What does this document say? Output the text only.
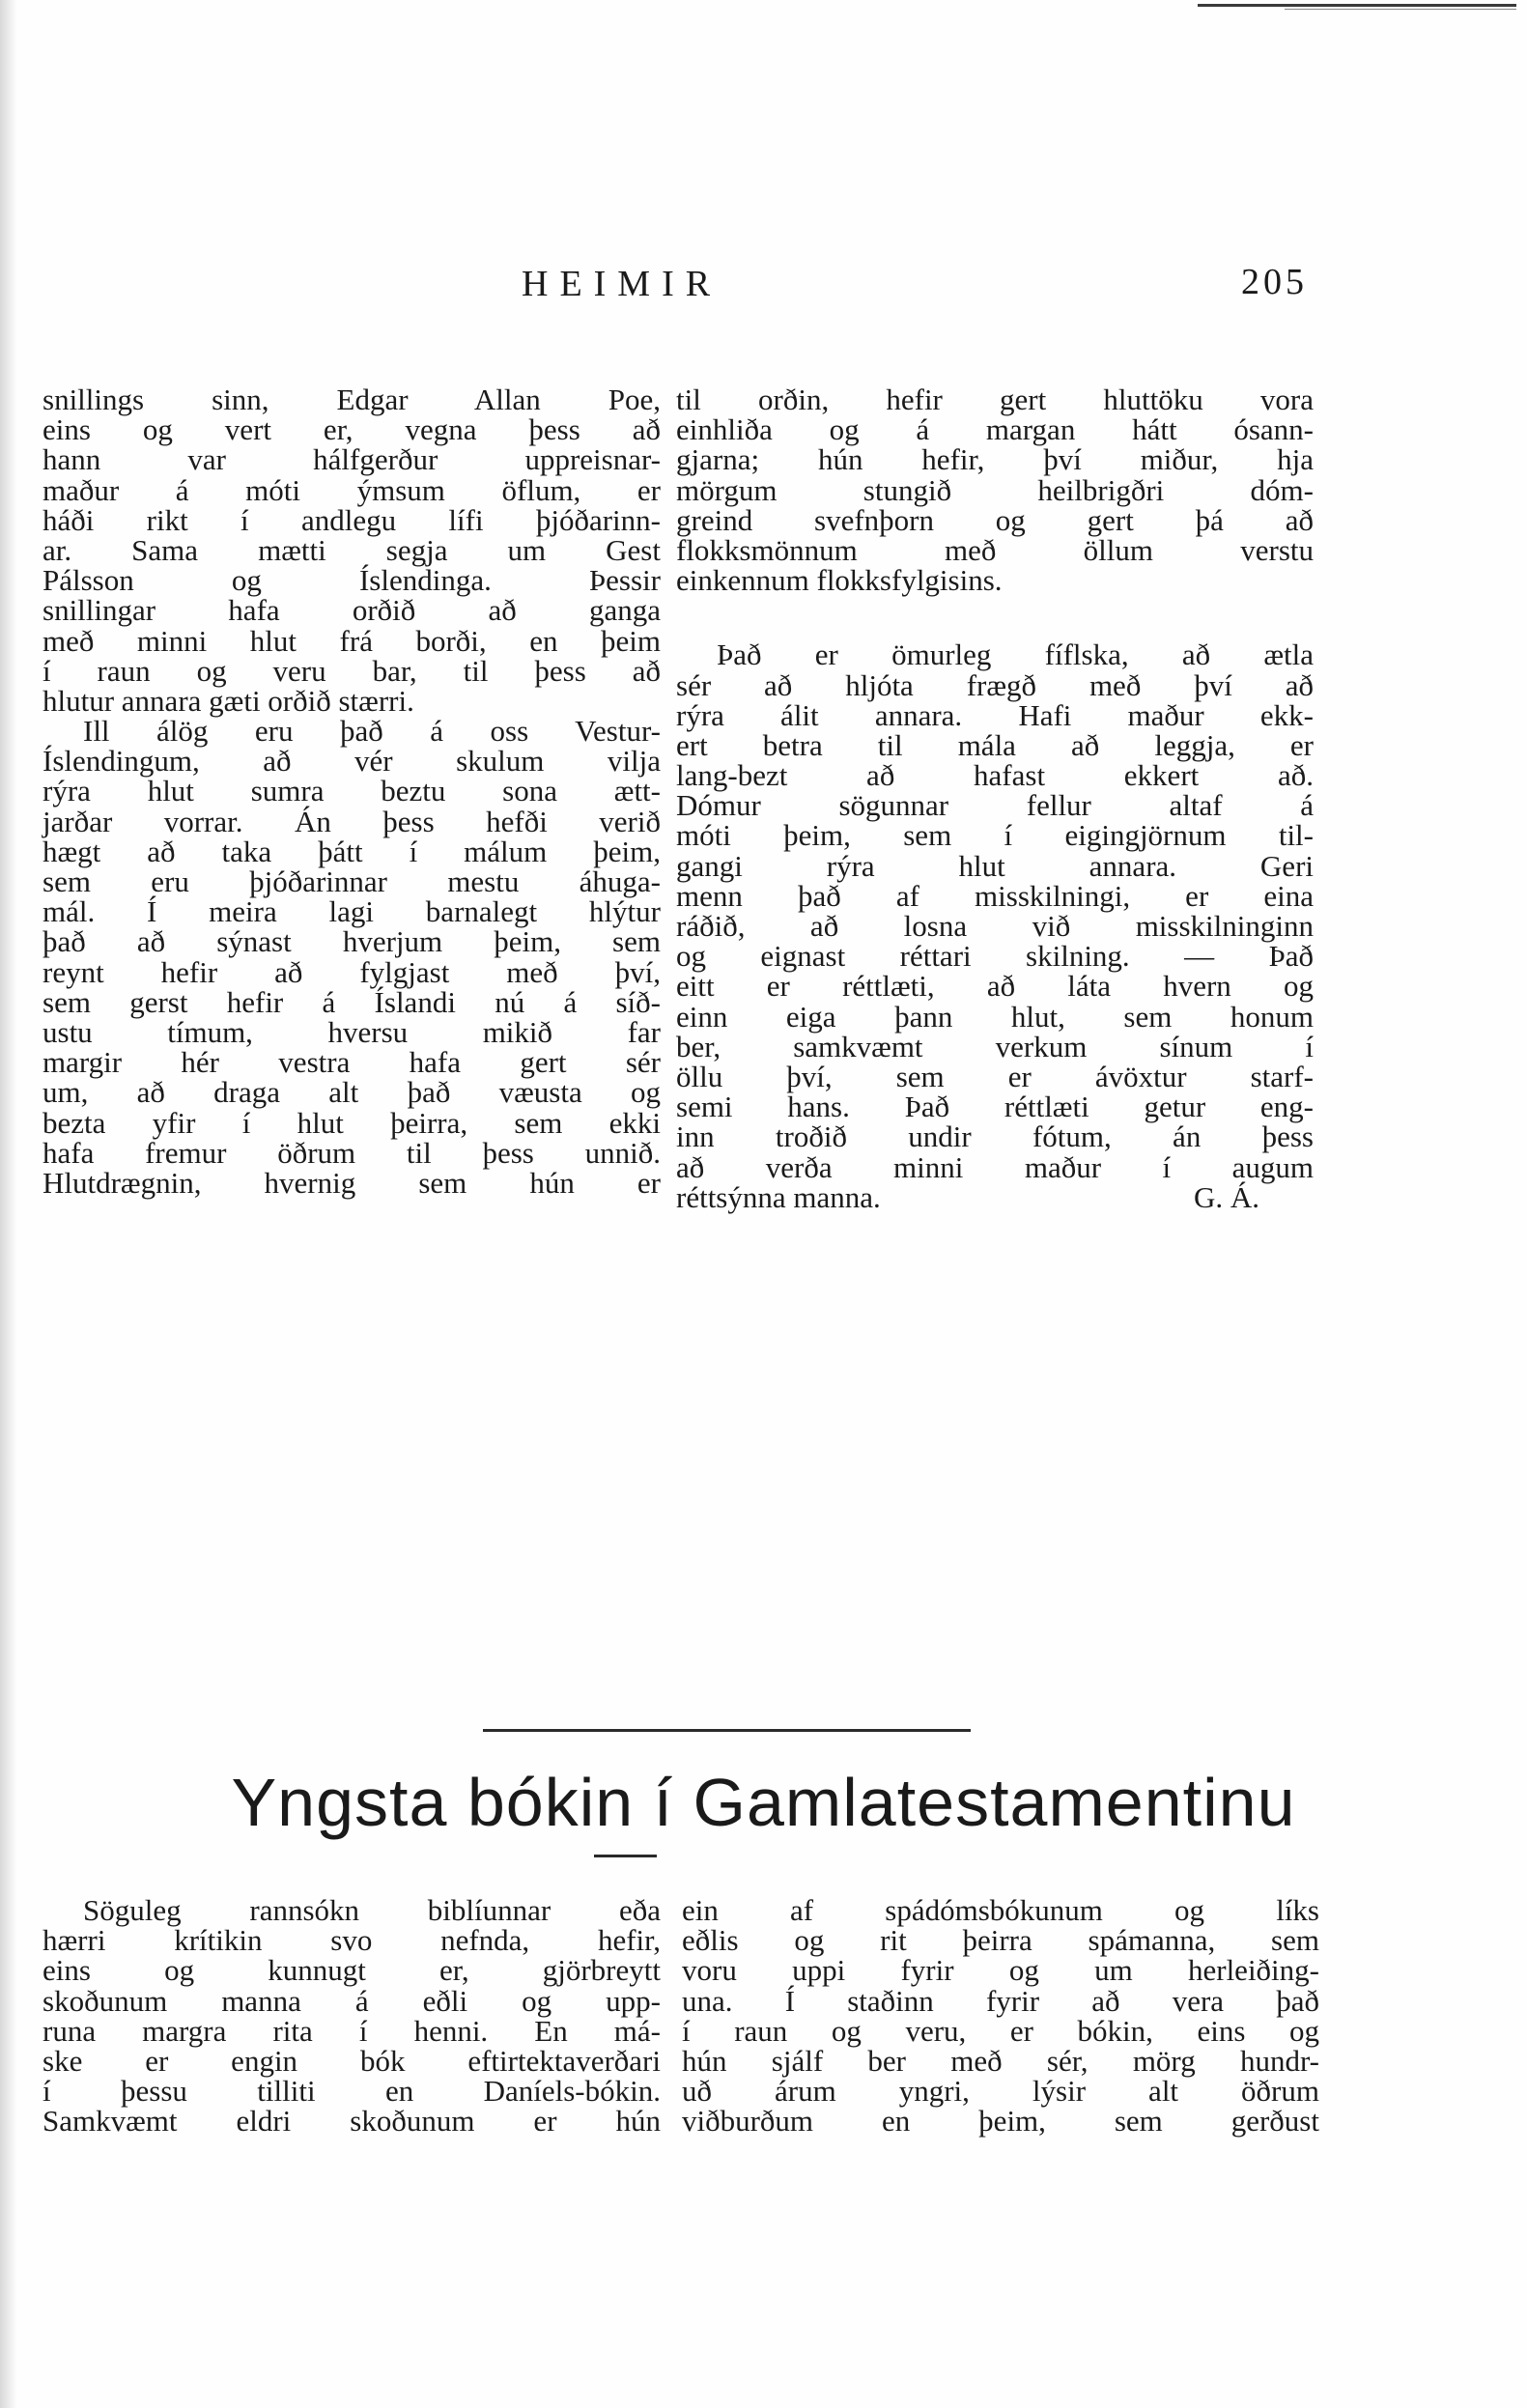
HEIMIR	205
snillings sinn, Edgar Allan Poe,
eins og vert er, vegna þess að
hann var hálfgerður uppreisnar-
maður á móti ýmsum öflum, er
háði rikt í andlegu lífi þjóðarinn-
ar. Sama mætti segja um Gest
Pálsson og Íslendinga. Þessir
snillingar hafa orðið að ganga
með minni hlut frá borði, en þeim
í raun og veru bar, til þess að
hlutur annara gæti orðið stærri.
Ill álög eru það á oss Vestur-
Íslendingum, að vér skulum vilja
rýra hlut sumra beztu sona ætt-
jarðar vorrar. Án þess hefði verið
hægt að taka þátt í málum þeim,
sem eru þjóðarinnar mestu áhuga-
mál. Í meira lagi barnalegt hlýtur
það að sýnast hverjum þeim, sem
reynt hefir að fylgjast með því,
sem gerst hefir á Íslandi nú á síð-
ustu tímum, hversu mikið far
margir hér vestra hafa gert sér
um, að draga alt það væusta og
bezta yfir í hlut þeirra, sem ekki
hafa fremur öðrum til þess unnið.
Hlutdrægnin, hvernig sem hún er
til orðin, hefir gert hluttöku vora
einhliða og á margan hátt ósann-
gjarna; hún hefir, því miður, hja
mörgum stungið heilbrigðri dóm-
greind svefnþorn og gert þá að
flokksmönnum með öllum verstu
einkennum flokksfylgisins.
Það er ömurleg fíflska, að ætla
sér að hljóta frægð með því að
rýra álit annara. Hafi maður ekk-
ert betra til mála að leggja, er
lang-bezt að hafast ekkert að.
Dómur sögunnar fellur altaf á
móti þeim, sem í eigingjörnum til-
gangi rýra hlut annara. Geri
menn það af misskilningi, er eina
ráðið, að losna við misskilninginn
og eignast réttari skilning. — Það
eitt er réttlæti, að láta hvern og
einn eiga þann hlut, sem honum
ber, samkvæmt verkum sínum í
öllu því, sem er ávöxtur starf-
semi hans. Það réttlæti getur eng-
inn troðið undir fótum, án þess
að verða minni maður í augum
réttsýnna manna.	G. Á.
Yngsta bókin í Gamlatestamentinu
Söguleg rannsókn biblíunnar eða
hærri krítikin svo nefnda, hefir,
eins og kunnugt er, gjörbreytt
skoðunum manna á eðli og upp-
runa margra rita í henni. En má-
ske er engin bók eftirtektaverðari
í þessu tilliti en Daníels-bókin.
Samkvæmt eldri skoðunum er hún
ein af spádómsbókunum og líks
eðlis og rit þeirra spámanna, sem
voru uppi fyrir og um herleiðing-
una. Í staðinn fyrir að vera það
í raun og veru, er bókin, eins og
hún sjálf ber með sér, mörg hundr-
uð árum yngri, lýsir alt öðrum
viðburðum en þeim, sem gerðust
